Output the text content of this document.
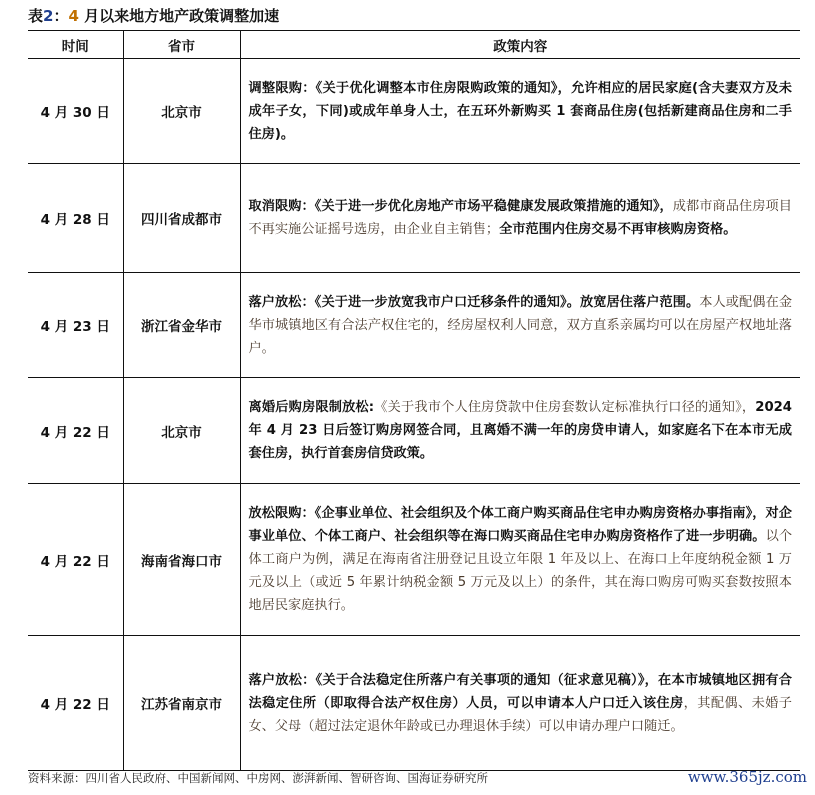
表2：4 月以来地方地产政策调整加速
时间	省市	政策内容
4 月 30 日	北京市	调整限购：《关于优化调整本市住房限购政策的通知》，允许相应的居民家庭(含夫妻双方及未成年子女，下同)或成年单身人士，在五环外新购买 1 套商品住房(包括新建商品住房和二手住房)。
4 月 28 日	四川省成都市	取消限购：《关于进一步优化房地产市场平稳健康发展政策措施的通知》，成都市商品住房项目不再实施公证摇号选房，由企业自主销售；全市范围内住房交易不再审核购房资格。
4 月 23 日	浙江省金华市	落户放松：《关于进一步放宽我市户口迁移条件的通知》。放宽居住落户范围。本人或配偶在金华市城镇地区有合法产权住宅的，经房屋权利人同意，双方直系亲属均可以在房屋产权地址落户。
4 月 22 日	北京市	离婚后购房限制放松:《关于我市个人住房贷款中住房套数认定标准执行口径的通知》，2024 年 4 月 23 日后签订购房网签合同，且离婚不满一年的房贷申请人，如家庭名下在本市无成套住房，执行首套房信贷政策。
4 月 22 日	海南省海口市	放松限购：《企事业单位、社会组织及个体工商户购买商品住宅申办购房资格办事指南》，对企事业单位、个体工商户、社会组织等在海口购买商品住宅申办购房资格作了进一步明确。以个体工商户为例，满足在海南省注册登记且设立年限 1 年及以上、在海口上年度纳税金额 1 万元及以上（或近 5 年累计纳税金额 5 万元及以上）的条件，其在海口购房可购买套数按照本地居民家庭执行。
4 月 22 日	江苏省南京市	落户放松：《关于合法稳定住所落户有关事项的通知（征求意见稿）》，在本市城镇地区拥有合法稳定住所（即取得合法产权住房）人员，可以申请本人户口迁入该住房，其配偶、未婚子女、父母（超过法定退休年龄或已办理退休手续）可以申请办理户口随迁。
资料来源：四川省人民政府、中国新闻网、中房网、澎湃新闻、智研咨询、国海证券研究所	www.365jz.com
